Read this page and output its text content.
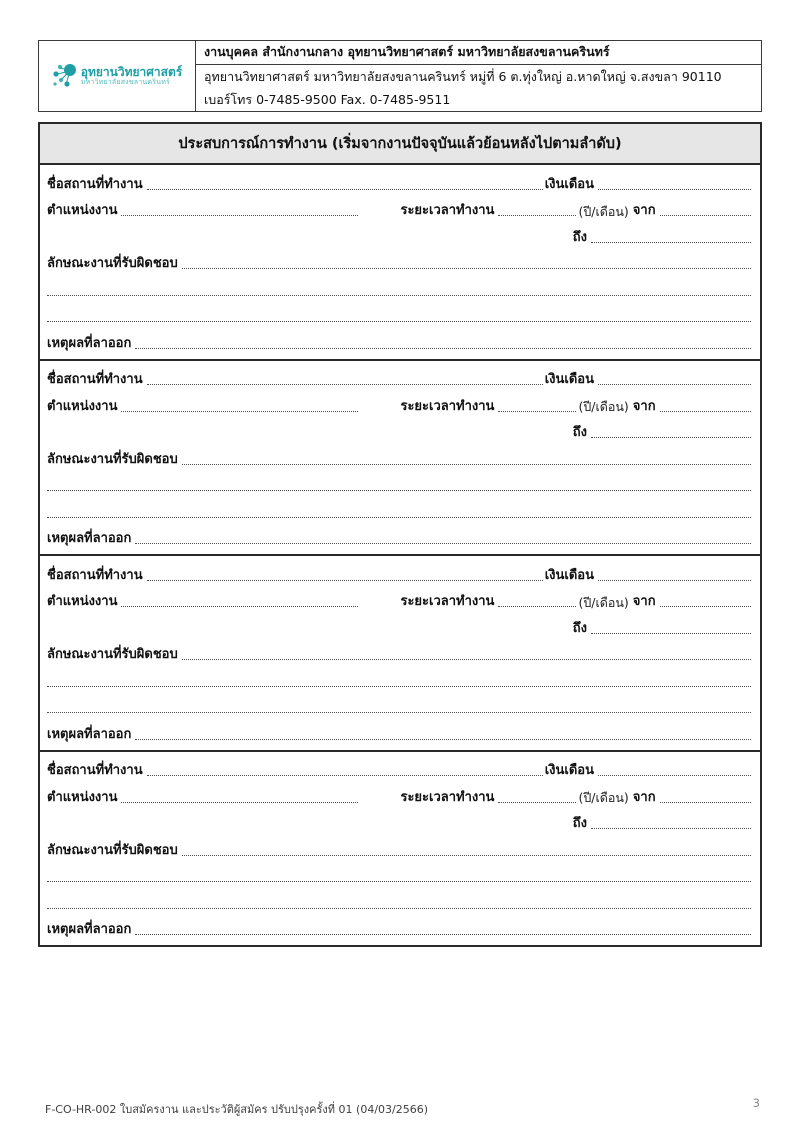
อุทยานวิทยาศาสตร์
มหาวิทยาลัยสงขลานครินทร์
งานบุคคล สำนักงานกลาง อุทยานวิทยาศาสตร์ มหาวิทยาลัยสงขลานครินทร์
อุทยานวิทยาศาสตร์ มหาวิทยาลัยสงขลานครินทร์ หมู่ที่ 6 ต.ทุ่งใหญ่ อ.หาดใหญ่ จ.สงขลา 90110
เบอร์โทร 0-7485-9500 Fax. 0-7485-9511
ประสบการณ์การทำงาน (เริ่มจากงานปัจจุบันแล้วย้อนหลังไปตามลำดับ)
ชื่อสถานที่ทำงาน	เงินเดือน
ตำแหน่งงาน	ระยะเวลาทำงาน	(ปี/เดือน) จาก
ถึง
ลักษณะงานที่รับผิดชอบ
เหตุผลที่ลาออก
ชื่อสถานที่ทำงาน	เงินเดือน
ตำแหน่งงาน	ระยะเวลาทำงาน	(ปี/เดือน) จาก
ถึง
ลักษณะงานที่รับผิดชอบ
เหตุผลที่ลาออก
ชื่อสถานที่ทำงาน	เงินเดือน
ตำแหน่งงาน	ระยะเวลาทำงาน	(ปี/เดือน) จาก
ถึง
ลักษณะงานที่รับผิดชอบ
เหตุผลที่ลาออก
ชื่อสถานที่ทำงาน	เงินเดือน
ตำแหน่งงาน	ระยะเวลาทำงาน	(ปี/เดือน) จาก
ถึง
ลักษณะงานที่รับผิดชอบ
เหตุผลที่ลาออก
F-CO-HR-002 ใบสมัครงาน และประวัติผู้สมัคร ปรับปรุงครั้งที่ 01 (04/03/2566)	3
